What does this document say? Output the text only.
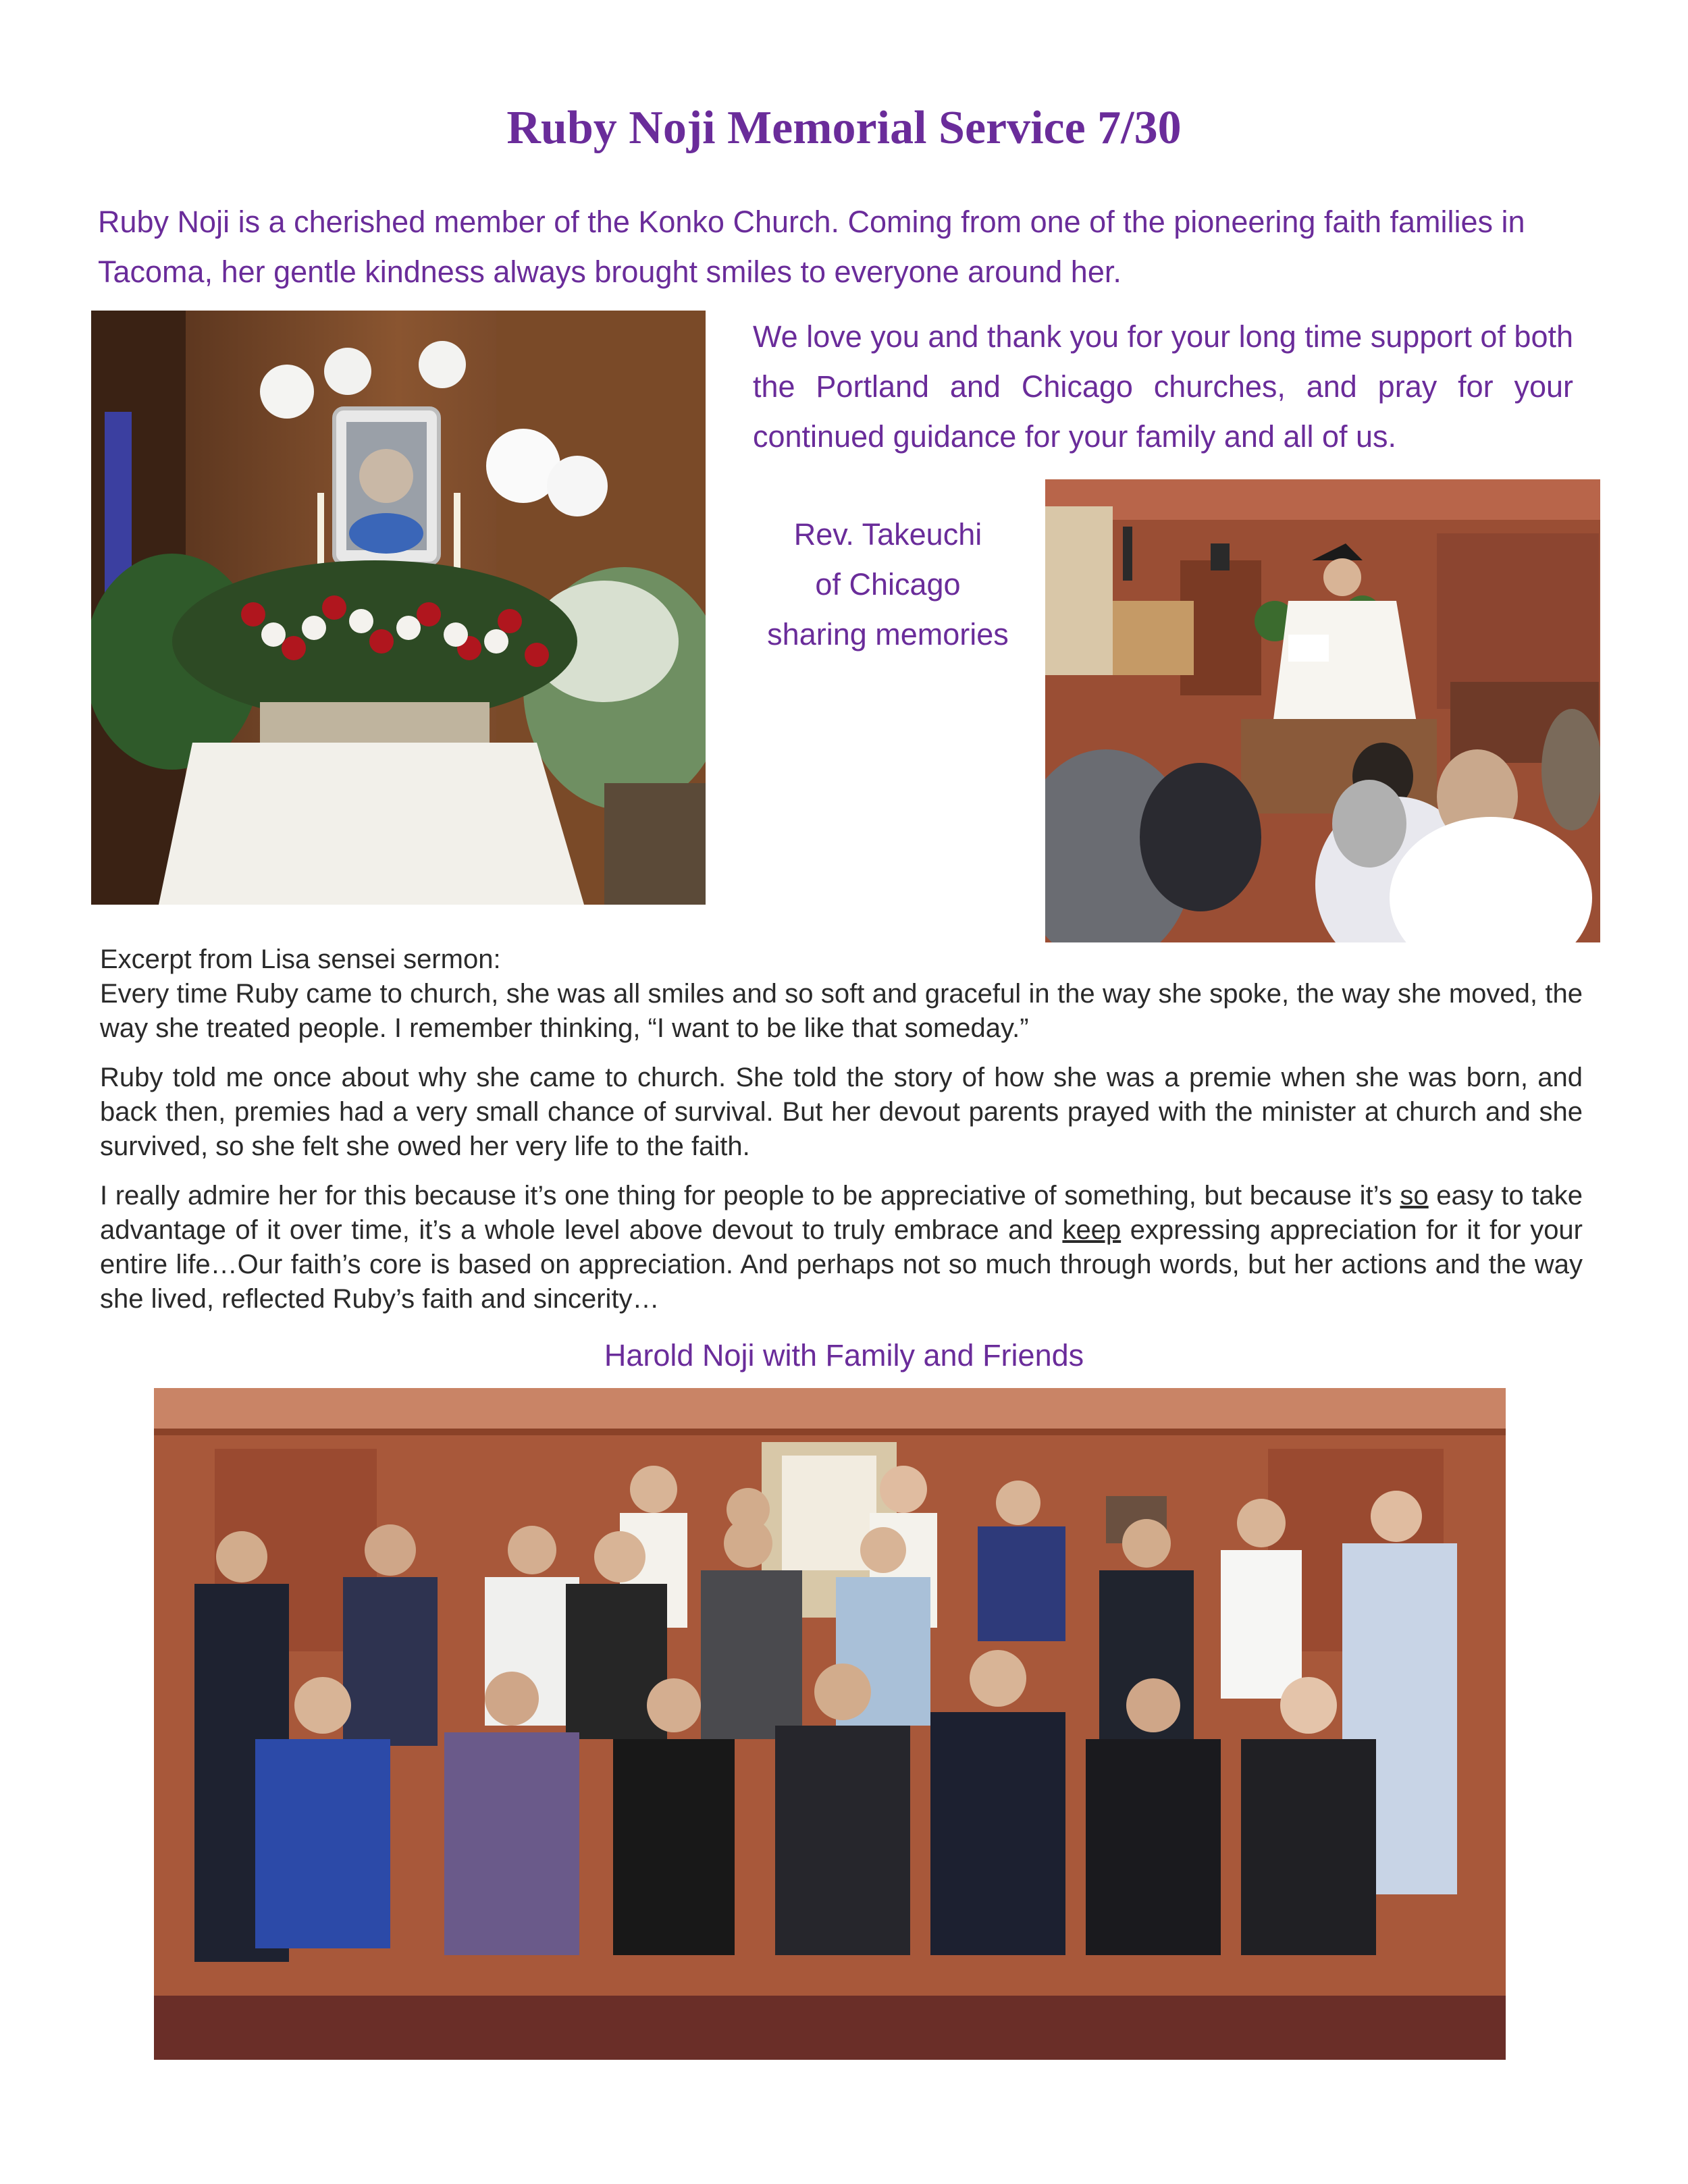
Ruby Noji Memorial Service 7/30

Ruby Noji is a cherished member of the Konko Church. Coming from one of the pioneering faith families in Tacoma, her gentle kindness always brought smiles to everyone around her.

We love you and thank you for your long time support of both the Portland and Chicago churches, and pray for your continued guidance for your family and all of us.

Rev. Takeuchi
of Chicago
sharing memories

Excerpt from Lisa sensei sermon:

Every time Ruby came to church, she was all smiles and so soft and graceful in the way she spoke, the way she moved, the way she treated people. I remember thinking, “I want to be like that someday.”

Ruby told me once about why she came to church. She told the story of how she was a premie when she was born, and back then, premies had a very small chance of survival. But her devout parents prayed with the minister at church and she survived, so she felt she owed her very life to the faith.

I really admire her for this because it’s one thing for people to be appreciative of something, but because it’s so easy to take advantage of it over time, it’s a whole level above devout to truly embrace and keep expressing appreciation for it for your entire life…Our faith’s core is based on appreciation. And perhaps not so much through words, but her actions and the way she lived, reflected Ruby’s faith and sincerity…

Harold Noji with Family and Friends
